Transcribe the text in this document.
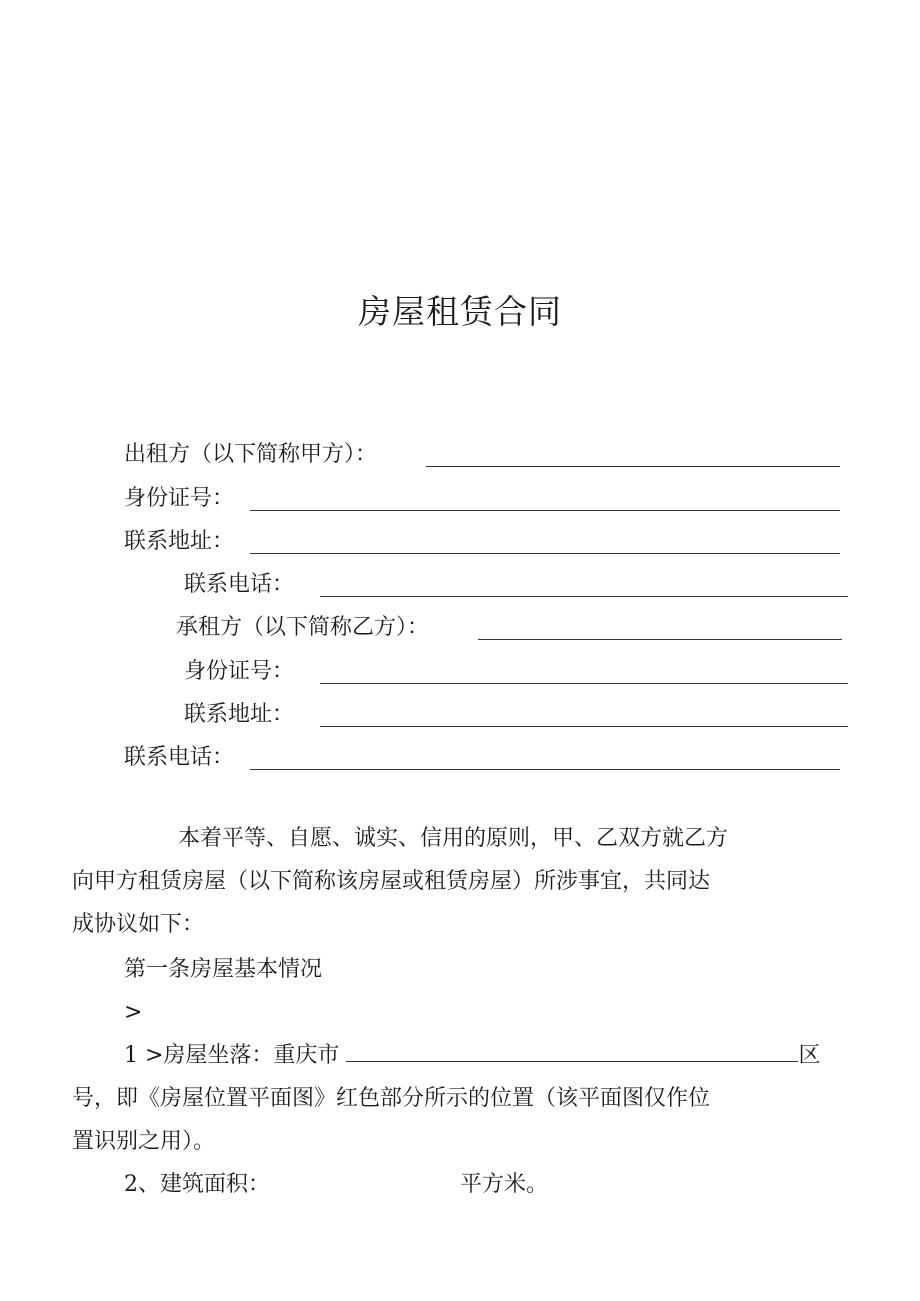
房屋租赁合同
出租方（以下简称甲方）：
身份证号：
联系地址：
联系电话：
承租方（以下简称乙方）：
身份证号：
联系地址：
联系电话：
本着平等、自愿、诚实、信用的原则，甲、乙双方就乙方
向甲方租赁房屋（以下简称该房屋或租赁房屋）所涉事宜，共同达
成协议如下：
第一条房屋基本情况
>
1 >房屋坐落：重庆市	区
号，即《房屋位置平面图》红色部分所示的位置（该平面图仅作位
置识别之用）。
2、建筑面积：	平方米。
